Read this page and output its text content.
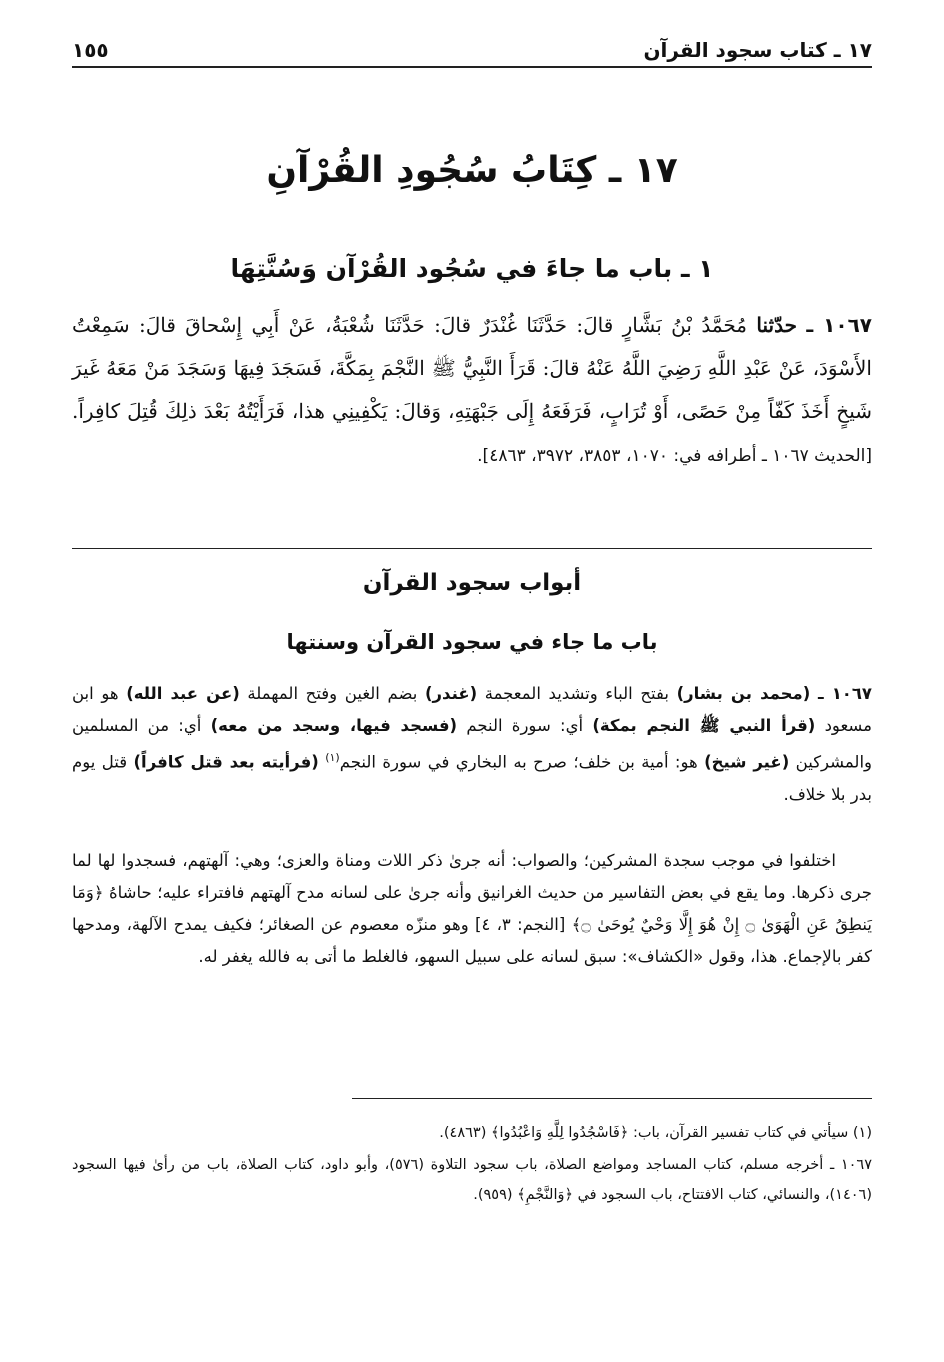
١٧ ـ كتاب سجود القرآن
١٥٥
١٧ ـ كِتَابُ سُجُودِ القُرْآنِ
١ ـ باب ما جاءَ في سُجُود القُرْآن وَسُنَّتِهَا
١٠٦٧ ـ حدّثنا مُحَمَّدُ بْنُ بَشَّارٍ قالَ: حَدَّثَنَا غُنْدَرٌ قالَ: حَدَّثَنَا شُعْبَةُ، عَنْ أَبِي إِسْحاقَ قالَ: سَمِعْتُ الأَسْوَدَ، عَنْ عَبْدِ اللَّهِ رَضِيَ اللَّهُ عَنْهُ قالَ: قَرَأَ النَّبِيُّ ﷺ النَّجْمَ بِمَكَّةَ، فَسَجَدَ فِيهَا وَسَجَدَ مَنْ مَعَهُ غَيرَ شَيخٍ أَخَذَ كَفّاً مِنْ حَصًى، أَوْ تُرَابٍ، فَرَفَعَهُ إِلَى جَبْهَتِهِ، وَقالَ: يَكْفِينِي هذا، فَرَأَيْتُهُ بَعْدَ ذلِكَ قُتِلَ كافِراً. [الحديث ١٠٦٧ ـ أطرافه في: ١٠٧٠، ٣٨٥٣، ٣٩٧٢، ٤٨٦٣].
أبواب سجود القرآن
باب ما جاء في سجود القرآن وسنتها
١٠٦٧ ـ (محمد بن بشار) بفتح الباء وتشديد المعجمة (غندر) بضم الغين وفتح المهملة (عن عبد الله) هو ابن مسعود (قرأ النبي ﷺ النجم بمكة) أي: سورة النجم (فسجد فيها، وسجد من معه) أي: من المسلمين والمشركين (غير شيخ) هو: أمية بن خلف؛ صرح به البخاري في سورة النجم$^{(١)}$ (فرأيته بعد قتل كافراً) قتل يوم بدر بلا خلاف.
اختلفوا في موجب سجدة المشركين؛ والصواب: أنه جرىٰ ذكر اللات ومناة والعزى؛ وهي: آلهتهم، فسجدوا لها لما جرى ذكرها. وما يقع في بعض التفاسير من حديث الغرانيق وأنه جرىٰ على لسانه مدح آلهتهم فافتراء عليه؛ حاشاهُ ﴿وَمَا يَنطِقُ عَنِ الْهَوَىٰ ۝ إِنْ هُوَ إِلَّا وَحْيٌ يُوحَىٰ ۝﴾ [النجم: ٣، ٤] وهو منزّه معصوم عن الصغائر؛ فكيف يمدح الآلهة، ومدحها كفر بالإجماع. هذا، وقول «الكشاف»: سبق لسانه على سبيل السهو، فالغلط ما أتى به فالله يغفر له.

(١) سيأتي في كتاب تفسير القرآن، باب: ﴿فَاسْجُدُوا لِلَّهِ وَاعْبُدُوا﴾ (٤٨٦٣).

١٠٦٧ ـ أخرجه مسلم، كتاب المساجد ومواضع الصلاة، باب سجود التلاوة (٥٧٦)، وأبو داود، كتاب الصلاة، باب من رأىٰ فيها السجود (١٤٠٦)، والنسائي، كتاب الافتتاح، باب السجود في ﴿وَالنَّجْمِ﴾ (٩٥٩).
